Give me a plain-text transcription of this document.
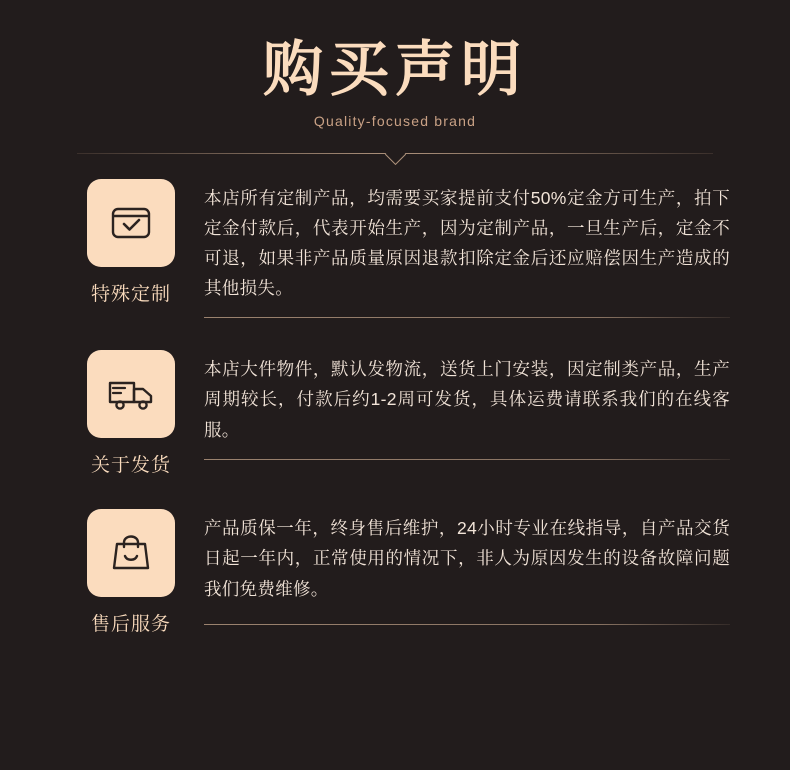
购买声明
Quality-focused brand
特殊定制

本店所有定制产品，均需要买家提前支付50%定金方可生产，拍下定金付款后，代表开始生产，因为定制产品，一旦生产后，定金不可退，如果非产品质量原因退款扣除定金后还应赔偿因生产造成的其他损失。

关于发货

本店大件物件，默认发物流，送货上门安装，因定制类产品，生产周期较长，付款后约1-2周可发货，具体运费请联系我们的在线客服。

售后服务

产品质保一年，终身售后维护，24小时专业在线指导，自产品交货日起一年内，正常使用的情况下，非人为原因发生的设备故障问题我们免费维修。
